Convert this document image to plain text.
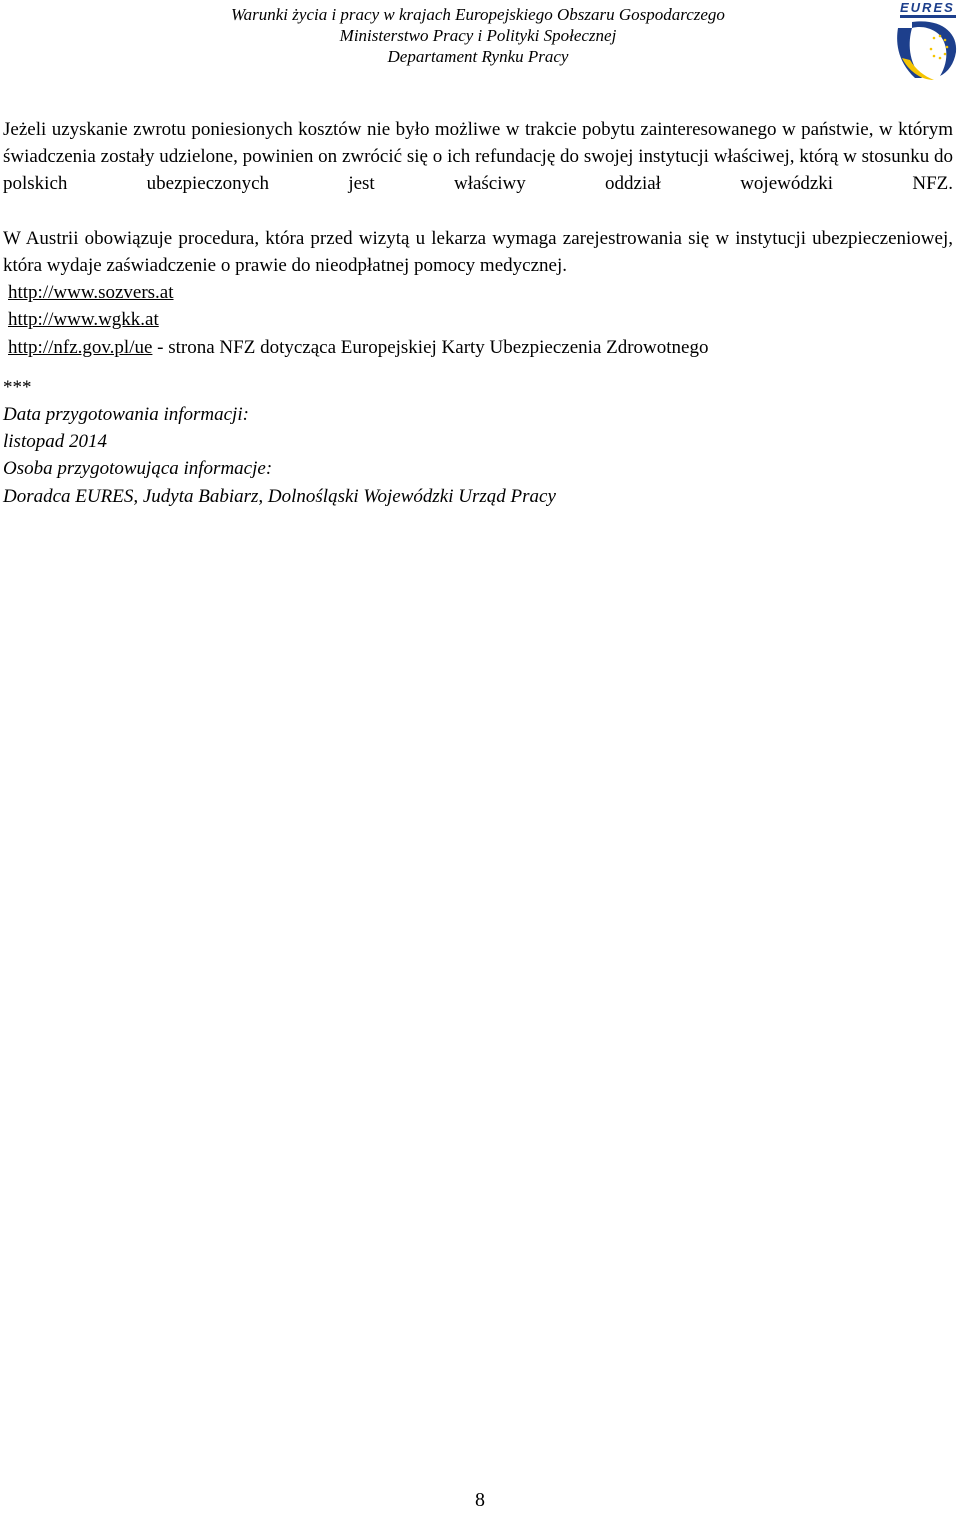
Warunki życia i pracy w krajach Europejskiego Obszaru Gospodarczego
Ministerstwo Pracy i Polityki Społecznej
Departament Rynku Pracy
EURES

Jeżeli uzyskanie zwrotu poniesionych kosztów nie było możliwe w trakcie pobytu zainteresowanego w państwie, w którym świadczenia zostały udzielone, powinien on zwrócić się o ich refundację do swojej instytucji właściwej, którą w stosunku do polskich ubezpieczonych jest właściwy oddział wojewódzki NFZ.

W Austrii obowiązuje procedura, która przed wizytą u lekarza wymaga zarejestrowania się w instytucji ubezpieczeniowej, która wydaje zaświadczenie o prawie do nieodpłatnej pomocy medycznej.

http://www.sozvers.at

http://www.wgkk.at

http://nfz.gov.pl/ue - strona NFZ dotycząca Europejskiej Karty Ubezpieczenia Zdrowotnego

***
Data przygotowania informacji:
listopad 2014
Osoba przygotowująca informacje:
Doradca EURES, Judyta Babiarz, Dolnośląski Wojewódzki Urząd Pracy
8
